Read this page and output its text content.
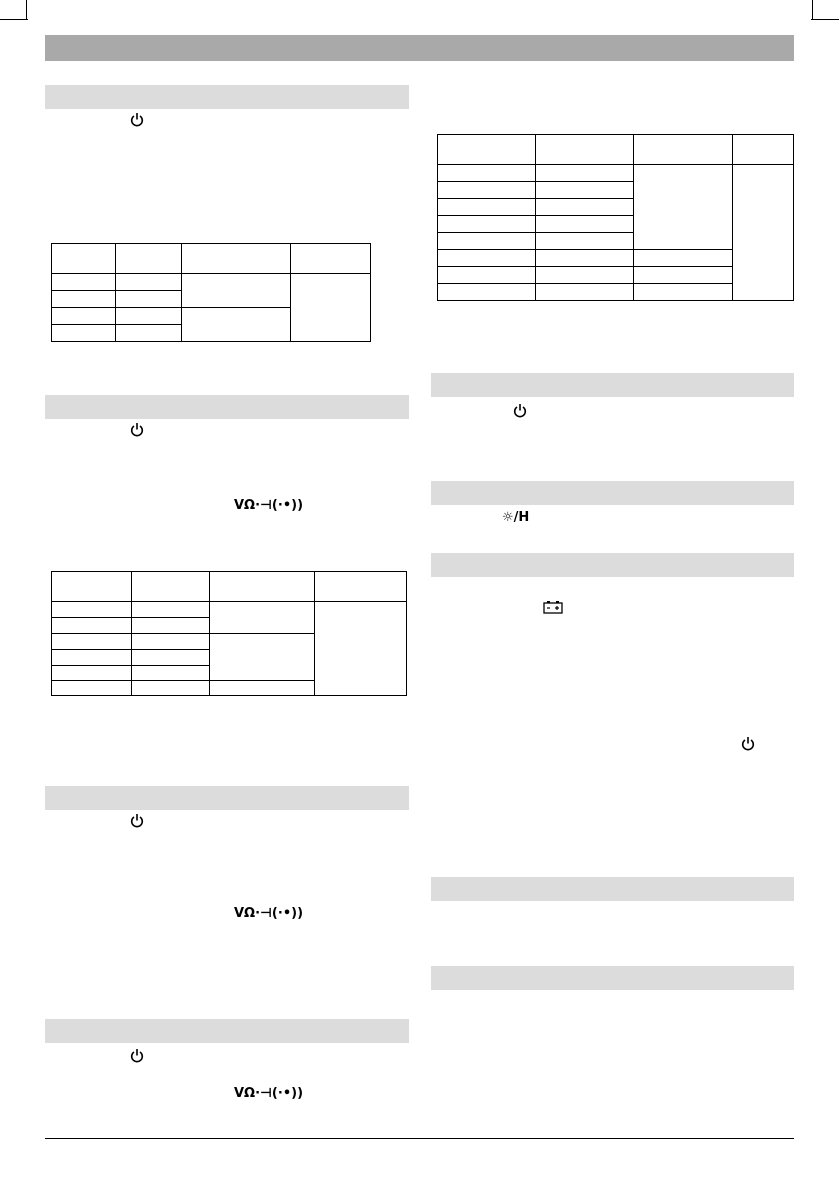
VΩ·⊣(·•))
VΩ·⊣(·•))
VΩ·⊣(·•))
☼/H
